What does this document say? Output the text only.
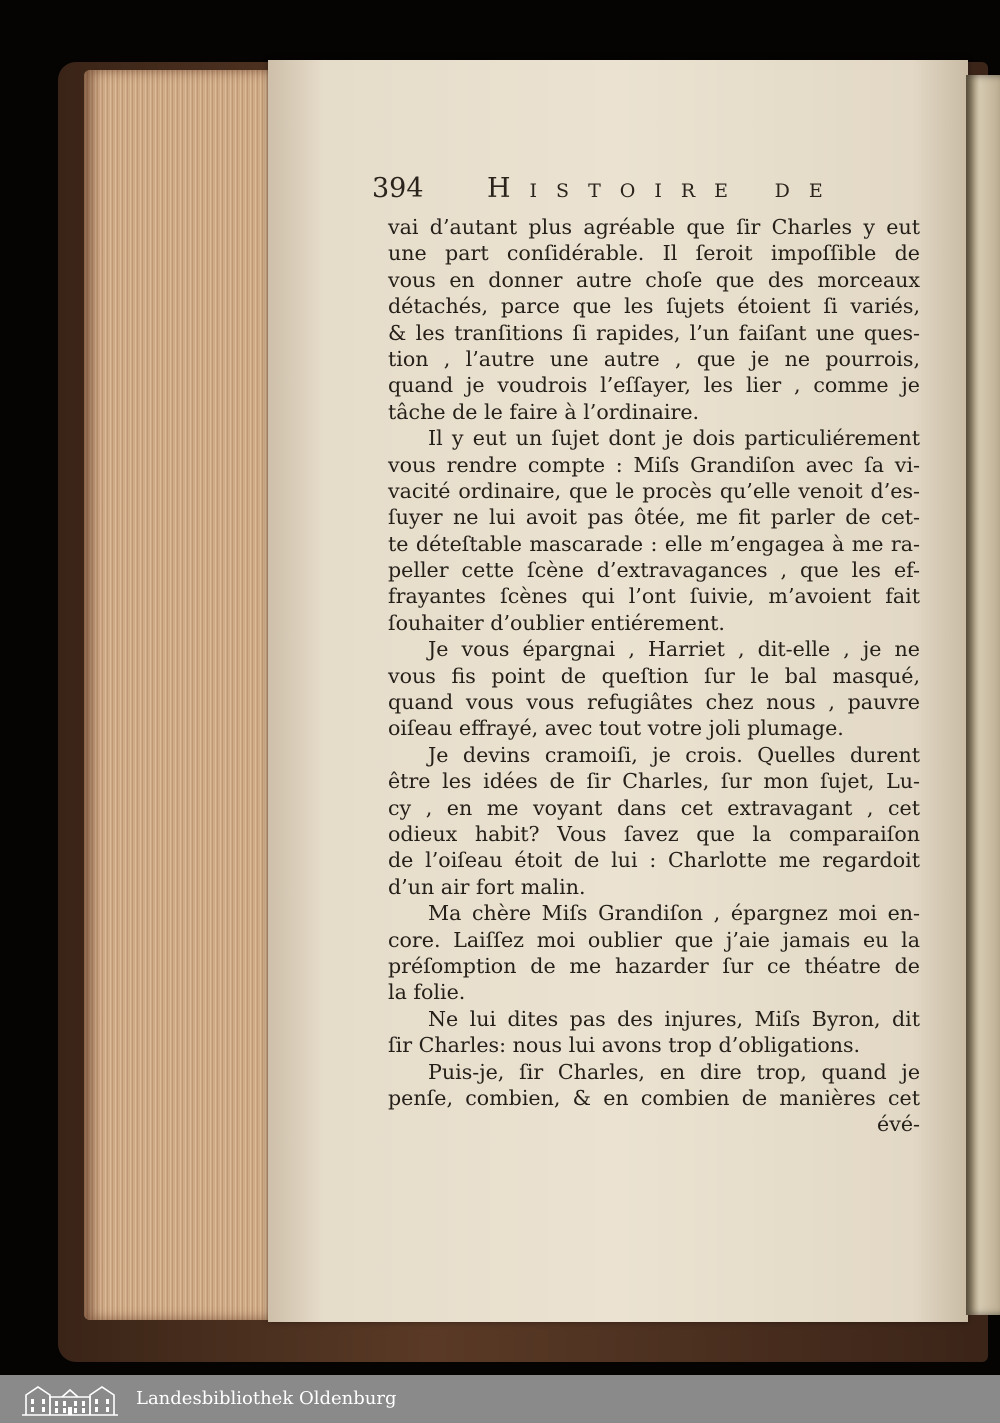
394 Histoire de
vai d’autant plus agréable que ſir Charles y eut
une part conſidérable. Il ſeroit impoſſible de
vous en donner autre choſe que des morceaux
détachés, parce que les ſujets étoient ſi variés,
& les tranſitions ſi rapides, l’un faiſant une ques-
tion , l’autre une autre , que je ne pourrois,
quand je voudrois l’eſſayer, les lier , comme je
tâche de le faire à l’ordinaire.
Il y eut un ſujet dont je dois particuliérement
vous rendre compte : Miſs Grandiſon avec ſa vi-
vacité ordinaire, que le procès qu’elle venoit d’es-
ſuyer ne lui avoit pas ôtée, me fit parler de cet-
te déteſtable mascarade : elle m’engagea à me ra-
peller cette ſcène d’extravagances , que les ef-
frayantes ſcènes qui l’ont ſuivie, m’avoient fait
ſouhaiter d’oublier entiérement.
Je vous épargnai , Harriet , dit-elle , je ne
vous fis point de queſtion ſur le bal masqué,
quand vous vous refugiâtes chez nous , pauvre
oiſeau effrayé, avec tout votre joli plumage.
Je devins cramoiſi, je crois. Quelles durent
être les idées de ſir Charles, ſur mon ſujet, Lu-
cy , en me voyant dans cet extravagant , cet
odieux habit? Vous ſavez que la comparaiſon
de l’oiſeau étoit de lui : Charlotte me regardoit
d’un air fort malin.
Ma chère Miſs Grandiſon , épargnez moi en-
core. Laiſſez moi oublier que j’aie jamais eu la
préſomption de me hazarder ſur ce théatre de
la folie.
Ne lui dites pas des injures, Miſs Byron, dit
ſir Charles: nous lui avons trop d’obligations.
Puis-je, ſir Charles, en dire trop, quand je
penſe, combien, & en combien de manières cet
évé-
Landesbibliothek Oldenburg
